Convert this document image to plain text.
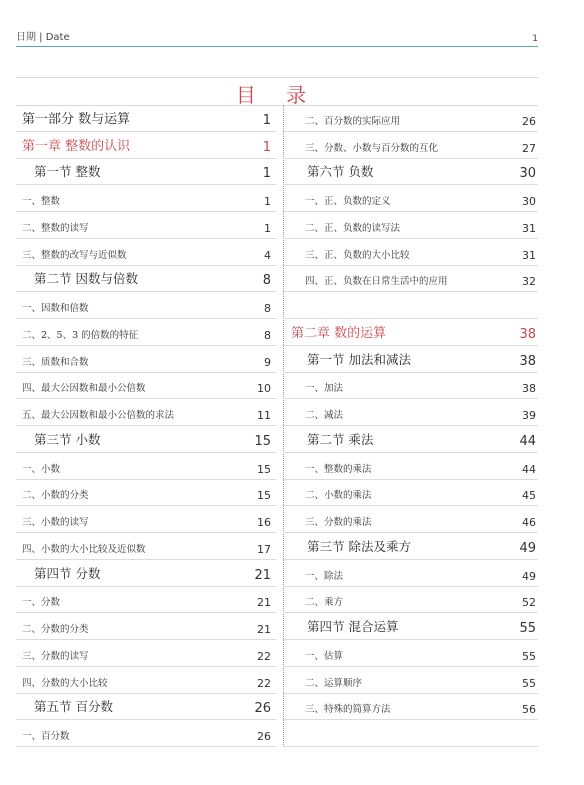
日期 | Date	1
目 录
第一部分 数与运算	1
第一章 整数的认识	1
第一节 整数	1
一、整数	1
二、整数的读写	1
三、整数的改写与近似数	4
第二节 因数与倍数	8
一、因数和倍数	8
二、2、5、3 的倍数的特征	8
三、质数和合数	9
四、最大公因数和最小公倍数	10
五、最大公因数和最小公倍数的求法	11
第三节 小数	15
一、小数	15
二、小数的分类	15
三、小数的读写	16
四、小数的大小比较及近似数	17
第四节 分数	21
一、分数	21
二、分数的分类	21
三、分数的读写	22
四、分数的大小比较	22
第五节 百分数	26
一、百分数	26
二、百分数的实际应用	26
三、分数、小数与百分数的互化	27
第六节 负数	30
一、正、负数的定义	30
二、正、负数的读写法	31
三、正、负数的大小比较	31
四、正、负数在日常生活中的应用	32
第二章 数的运算	38
第一节 加法和减法	38
一、加法	38
二、减法	39
第二节 乘法	44
一、整数的乘法	44
二、小数的乘法	45
三、分数的乘法	46
第三节 除法及乘方	49
一、除法	49
二、乘方	52
第四节 混合运算	55
一、估算	55
二、运算顺序	55
三、特殊的简算方法	56
